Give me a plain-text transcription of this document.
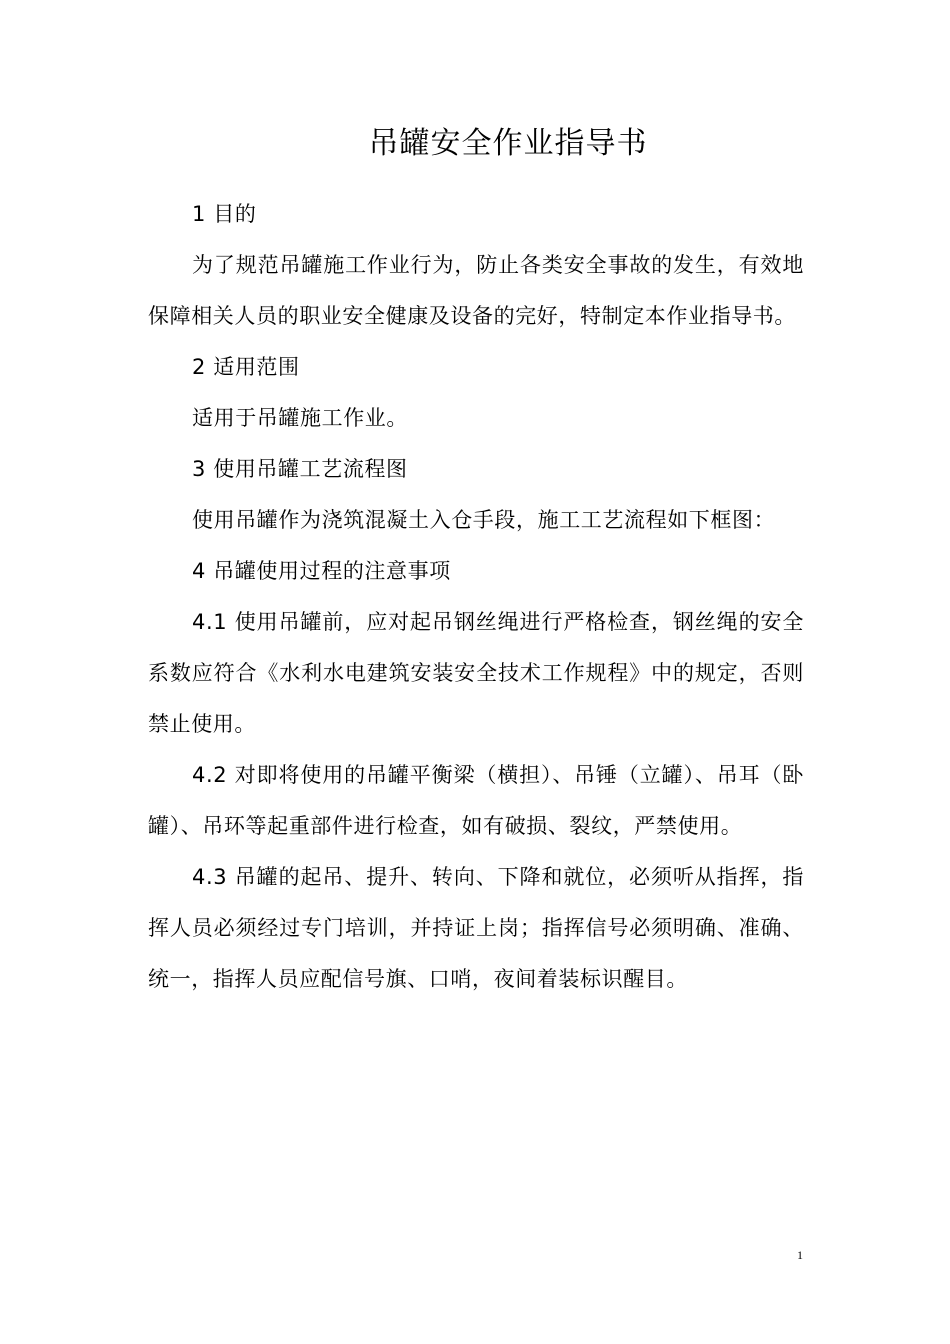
吊罐安全作业指导书

1 目的

为了规范吊罐施工作业行为，防止各类安全事故的发生，有效地保障相关人员的职业安全健康及设备的完好，特制定本作业指导书。

2 适用范围

适用于吊罐施工作业。

3 使用吊罐工艺流程图

使用吊罐作为浇筑混凝土入仓手段，施工工艺流程如下框图：

4 吊罐使用过程的注意事项

4.1 使用吊罐前，应对起吊钢丝绳进行严格检查，钢丝绳的安全系数应符合《水利水电建筑安装安全技术工作规程》中的规定，否则禁止使用。

4.2 对即将使用的吊罐平衡梁（横担）、吊锤（立罐）、吊耳（卧罐）、吊环等起重部件进行检查，如有破损、裂纹，严禁使用。

4.3 吊罐的起吊、提升、转向、下降和就位，必须听从指挥，指挥人员必须经过专门培训，并持证上岗；指挥信号必须明确、准确、统一，指挥人员应配信号旗、口哨，夜间着装标识醒目。

1
